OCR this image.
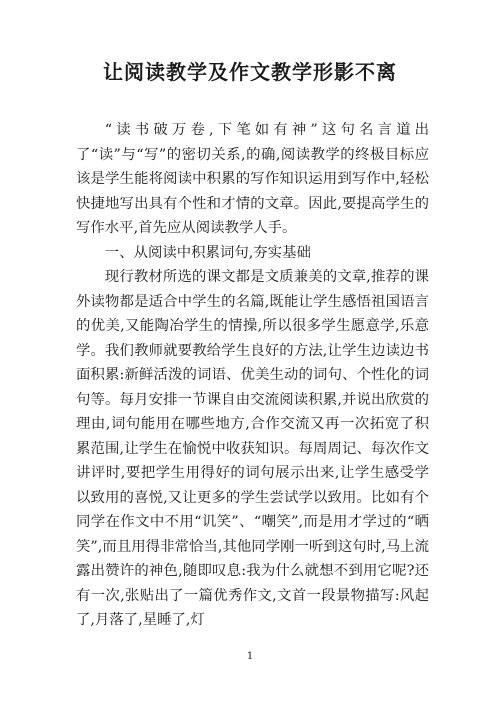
让阅读教学及作文教学形影不离

“读书破万卷,下笔如有神”这句名言道出了“读”与“写”的密切关系,的确,阅读教学的终极目标应该是学生能将阅读中积累的写作知识运用到写作中,轻松快捷地写出具有个性和才情的文章。因此,要提高学生的写作水平,首先应从阅读教学人手。

一、从阅读中积累词句,夯实基础

现行教材所选的课文都是文质兼美的文章,推荐的课外读物都是适合中学生的名篇,既能让学生感悟祖国语言的优美,又能陶冶学生的情操,所以很多学生愿意学,乐意学。我们教师就要教给学生良好的方法,让学生边读边书面积累:新鲜活泼的词语、优美生动的词句、个性化的词句等。每月安排一节课自由交流阅读积累,并说出欣赏的理由,词句能用在哪些地方,合作交流又再一次拓宽了积累范围,让学生在愉悦中收获知识。每周周记、每次作文讲评时,要把学生用得好的词句展示出来,让学生感受学以致用的喜悦,又让更多的学生尝试学以致用。比如有个同学在作文中不用“讥笑”、“嘲笑”,而是用才学过的“晒笑”,而且用得非常恰当,其他同学刚一听到这句时,马上流露出赞许的神色,随即叹息:我为什么就想不到用它呢?还有一次,张贴出了一篇优秀作文,文首一段景物描写:风起了,月落了,星睡了,灯

1
